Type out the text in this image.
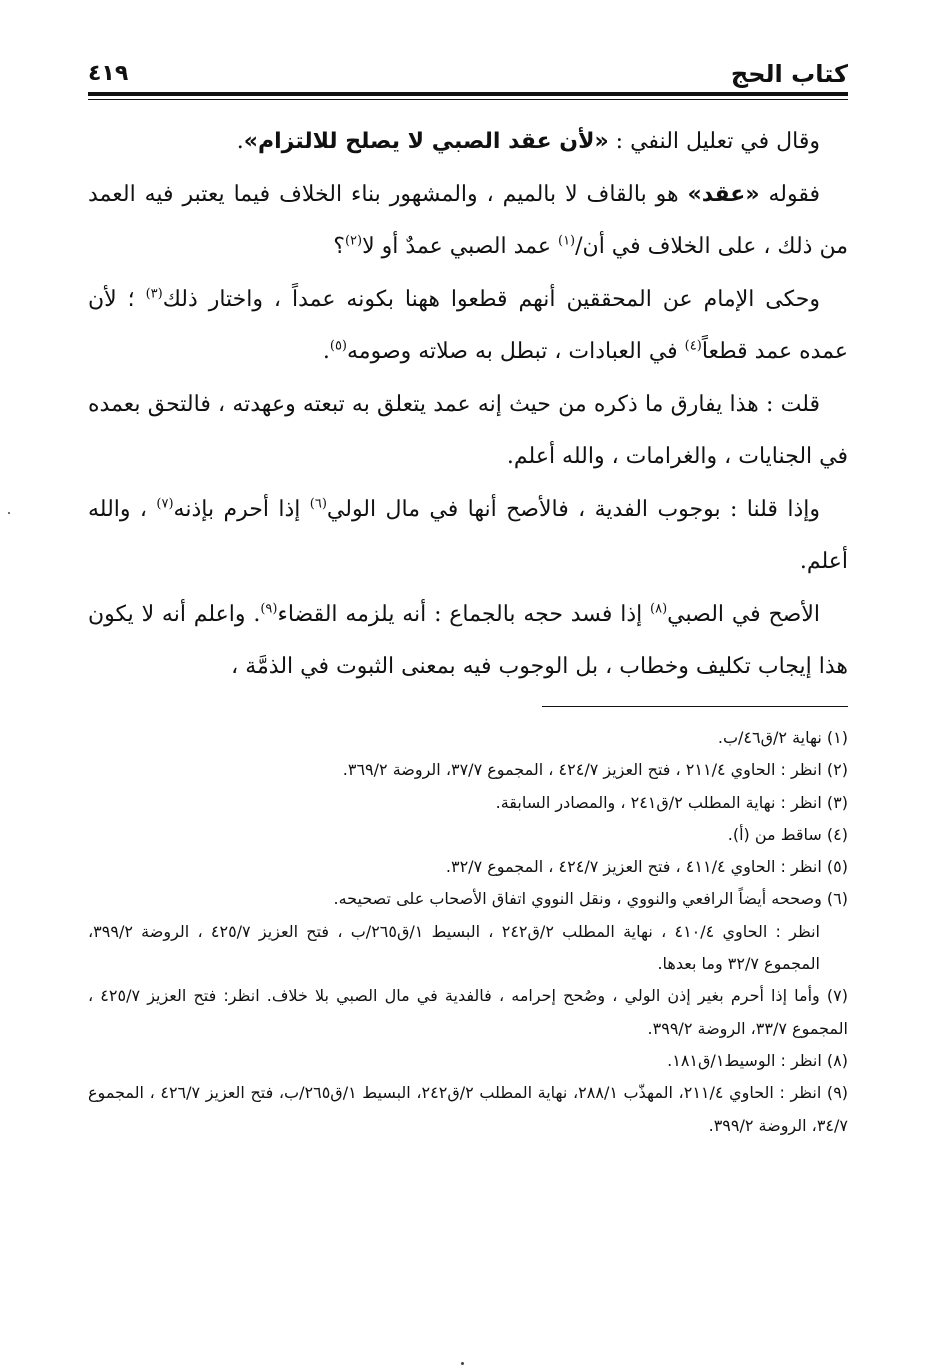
كتاب الحج
٤١٩

وقال في تعليل النفي : «لأن عقد الصبي لا يصلح للالتزام».

فقوله «عقد» هو بالقاف لا بالميم ، والمشهور بناء الخلاف فيما يعتبر فيه العمد من ذلك ، على الخلاف في أن/$^{(١)}$ عمد الصبي عمدٌ أو لا$^{(٢)}$؟

وحكى الإمام عن المحققين أنهم قطعوا ههنا بكونه عمداً ، واختار ذلك$^{(٣)}$ ؛ لأن عمده عمد قطعاً$^{(٤)}$ في العبادات ، تبطل به صلاته وصومه$^{(٥)}$.

قلت : هذا يفارق ما ذكره من حيث إنه عمد يتعلق به تبعته وعهدته ، فالتحق بعمده في الجنايات ، والغرامات ، والله أعلم.

وإذا قلنا : بوجوب الفدية ، فالأصح أنها في مال الولي$^{(٦)}$ إذا أحرم بإذنه$^{(٧)}$ ، والله أعلم.

الأصح في الصبي$^{(٨)}$ إذا فسد حجه بالجماع : أنه يلزمه القضاء$^{(٩)}$. واعلم أنه لا يكون هذا إيجاب تكليف وخطاب ، بل الوجوب فيه بمعنى الثبوت في الذمَّة ،

(١) نهاية ٢/ق٤٦/ب.

(٢) انظر : الحاوي ٢١١/٤ ، فتح العزيز ٤٢٤/٧ ، المجموع ٣٧/٧، الروضة ٣٦٩/٢.

(٣) انظر : نهاية المطلب ٢/ق٢٤١ ، والمصادر السابقة.

(٤) ساقط من (أ).

(٥) انظر : الحاوي ٤١١/٤ ، فتح العزيز ٤٢٤/٧ ، المجموع ٣٢/٧.

(٦) وصححه أيضاً الرافعي والنووي ، ونقل النووي اتفاق الأصحاب على تصحيحه.

انظر : الحاوي ٤١٠/٤ ، نهاية المطلب ٢/ق٢٤٢ ، البسيط ١/ق٢٦٥/ب ، فتح العزيز ٤٢٥/٧ ، الروضة ٣٩٩/٢، المجموع ٣٢/٧ وما بعدها.

(٧) وأما إذا أحرم بغير إذن الولي ، وصُحح إحرامه ، فالفدية في مال الصبي بلا خلاف. انظر: فتح العزيز ٤٢٥/٧ ، المجموع ٣٣/٧، الروضة ٣٩٩/٢.

(٨) انظر : الوسيط١/ق١٨١.

(٩) انظر : الحاوي ٢١١/٤، المهذّب ٢٨٨/١، نهاية المطلب ٢/ق٢٤٢، البسيط ١/ق٢٦٥/ب، فتح العزيز ٤٢٦/٧ ، المجموع ٣٤/٧، الروضة ٣٩٩/٢.
